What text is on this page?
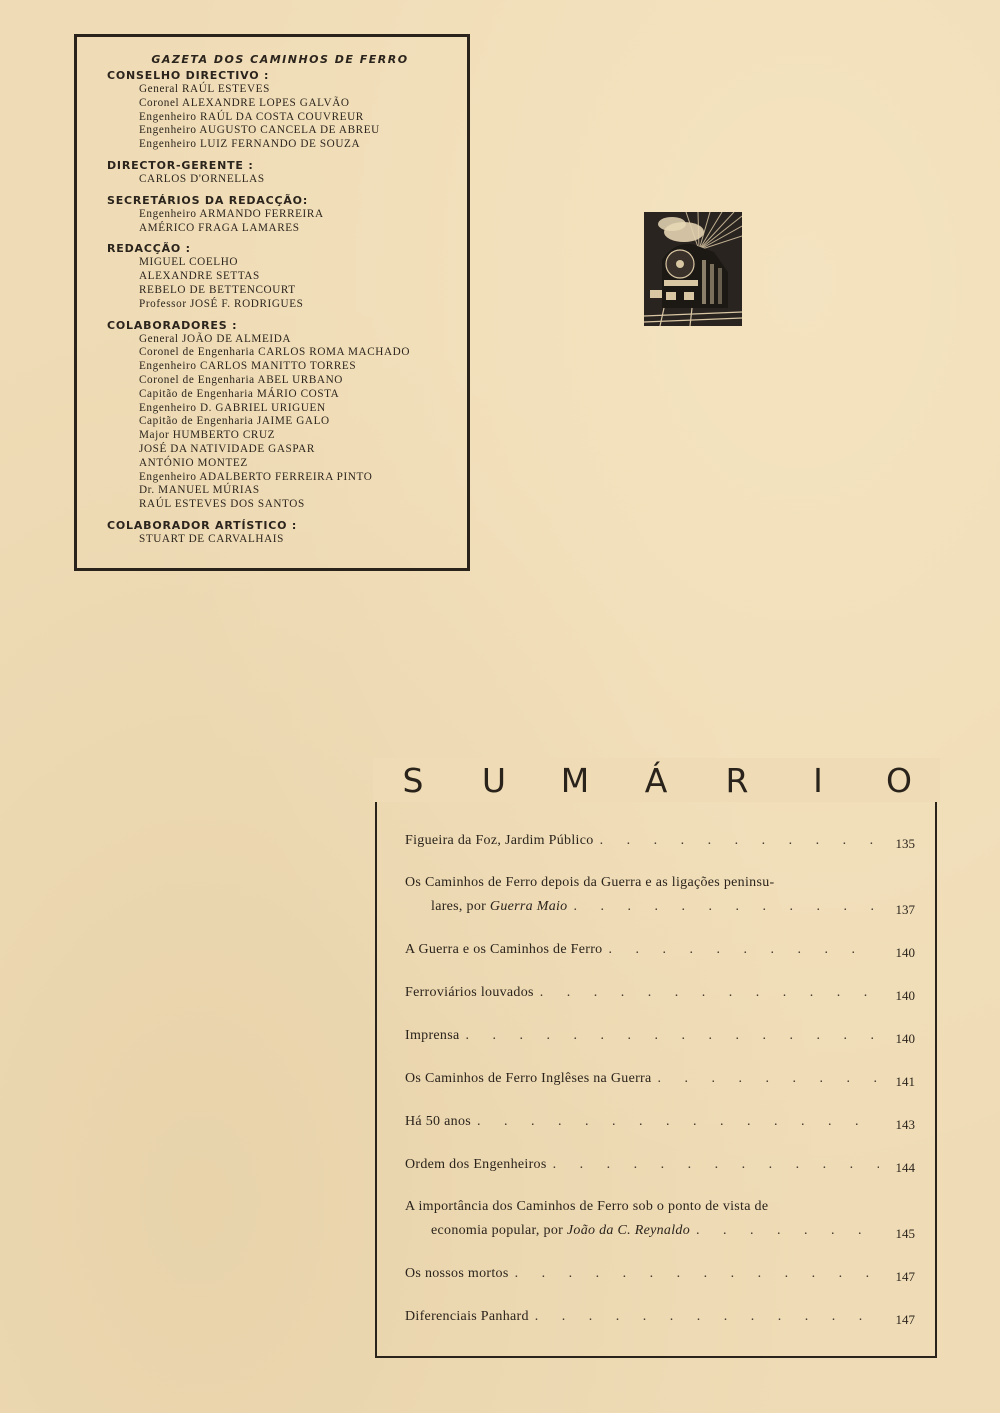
GAZETA DOS CAMINHOS DE FERRO
CONSELHO DIRECTIVO :
General RAÚL ESTEVES
Coronel ALEXANDRE LOPES GALVÃO
Engenheiro RAÚL DA COSTA COUVREUR
Engenheiro AUGUSTO CANCELA DE ABREU
Engenheiro LUIZ FERNANDO DE SOUZA
DIRECTOR-GERENTE :
CARLOS D'ORNELLAS
SECRETÁRIOS DA REDACÇÃO:
Engenheiro ARMANDO FERREIRA
AMÉRICO FRAGA LAMARES
REDACÇÃO :
MIGUEL COELHO
ALEXANDRE SETTAS
REBELO DE BETTENCOURT
Professor JOSÉ F. RODRIGUES
COLABORADORES :
General JOÃO DE ALMEIDA
Coronel de Engenharia CARLOS ROMA MACHADO
Engenheiro CARLOS MANITTO TORRES
Coronel de Engenharia ABEL URBANO
Capitão de Engenharia MÁRIO COSTA
Engenheiro D. GABRIEL URIGUEN
Capitão de Engenharia JAIME GALO
Major HUMBERTO CRUZ
JOSÉ DA NATIVIDADE GASPAR
ANTÓNIO MONTEZ
Engenheiro ADALBERTO FERREIRA PINTO
Dr. MANUEL MÚRIAS
RAÚL ESTEVES DOS SANTOS
COLABORADOR ARTÍSTICO :
STUART DE CARVALHAIS
S	U	M	Á	R	I	O
Figueira da Foz, Jardim Público . . .	135
Os Caminhos de Ferro depois da Guerra e as ligações peninsu-
lares, por Guerra Maio . . .	137
A Guerra e os Caminhos de Ferro . . .	140
Ferroviários louvados . . .	140
Imprensa . . .	140
Os Caminhos de Ferro Inglêses na Guerra . . .	141
Há 50 anos . . .	143
Ordem dos Engenheiros . . .	144
A importância dos Caminhos de Ferro sob o ponto de vista de
economia popular, por João da C. Reynaldo . . .	145
Os nossos mortos . . .	147
Diferenciais Panhard . . .	147
